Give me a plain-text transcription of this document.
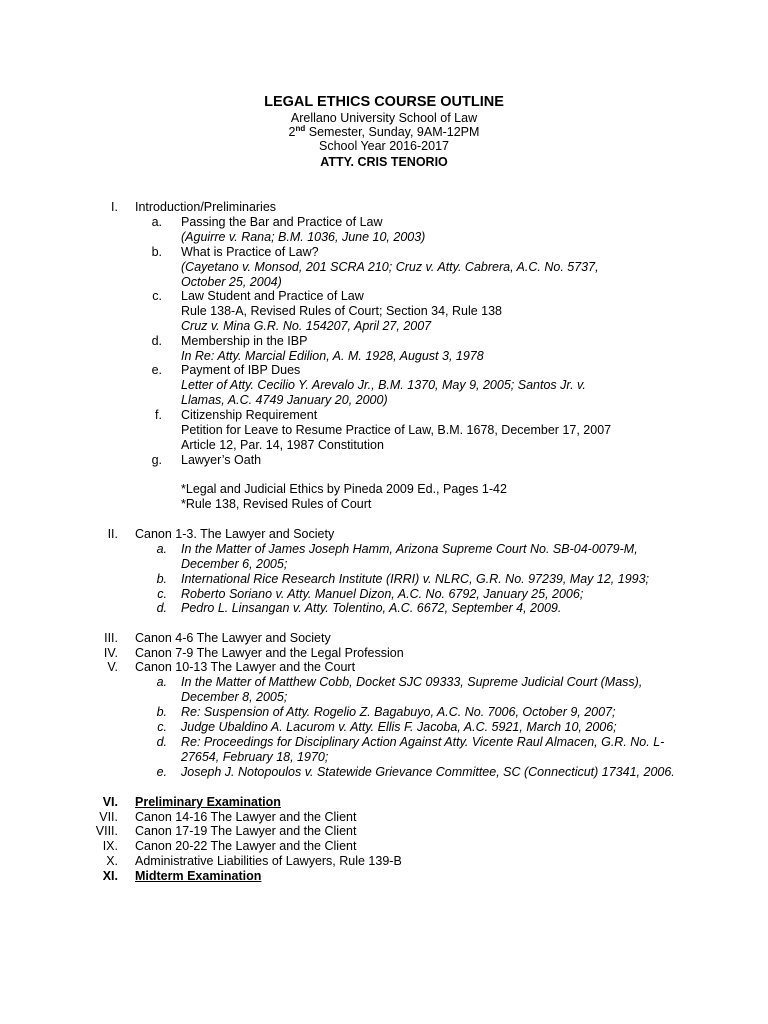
LEGAL ETHICS COURSE OUTLINE
Arellano University School of Law
2nd Semester, Sunday, 9AM-12PM
School Year 2016-2017
ATTY. CRIS TENORIO
I. Introduction/Preliminaries
a. Passing the Bar and Practice of Law
(Aguirre v. Rana; B.M. 1036, June 10, 2003)
b. What is Practice of Law?
(Cayetano v. Monsod, 201 SCRA 210; Cruz v. Atty. Cabrera, A.C. No. 5737,
October 25, 2004)
c. Law Student and Practice of Law
Rule 138-A, Revised Rules of Court; Section 34, Rule 138
Cruz v. Mina G.R. No. 154207, April 27, 2007
d. Membership in the IBP
In Re: Atty. Marcial Edilion, A. M. 1928, August 3, 1978
e. Payment of IBP Dues
Letter of Atty. Cecilio Y. Arevalo Jr., B.M. 1370, May 9, 2005; Santos Jr. v.
Llamas, A.C. 4749 January 20, 2000)
f. Citizenship Requirement
Petition for Leave to Resume Practice of Law, B.M. 1678, December 17, 2007
Article 12, Par. 14, 1987 Constitution
g. Lawyer’s Oath
*Legal and Judicial Ethics by Pineda 2009 Ed., Pages 1-42
*Rule 138, Revised Rules of Court
II. Canon 1-3. The Lawyer and Society
a. In the Matter of James Joseph Hamm, Arizona Supreme Court No. SB-04-0079-M,
December 6, 2005;
b. International Rice Research Institute (IRRI) v. NLRC, G.R. No. 97239, May 12, 1993;
c. Roberto Soriano v. Atty. Manuel Dizon, A.C. No. 6792, January 25, 2006;
d. Pedro L. Linsangan v. Atty. Tolentino, A.C. 6672, September 4, 2009.
III. Canon 4-6 The Lawyer and Society
IV. Canon 7-9 The Lawyer and the Legal Profession
V. Canon 10-13 The Lawyer and the Court
a. In the Matter of Matthew Cobb, Docket SJC 09333, Supreme Judicial Court (Mass),
December 8, 2005;
b. Re: Suspension of Atty. Rogelio Z. Bagabuyo, A.C. No. 7006, October 9, 2007;
c. Judge Ubaldino A. Lacurom v. Atty. Ellis F. Jacoba, A.C. 5921, March 10, 2006;
d. Re: Proceedings for Disciplinary Action Against Atty. Vicente Raul Almacen, G.R. No. L-
27654, February 18, 1970;
e. Joseph J. Notopoulos v. Statewide Grievance Committee, SC (Connecticut) 17341, 2006.
VI. Preliminary Examination
VII. Canon 14-16 The Lawyer and the Client
VIII. Canon 17-19 The Lawyer and the Client
IX. Canon 20-22 The Lawyer and the Client
X. Administrative Liabilities of Lawyers, Rule 139-B
XI. Midterm Examination
